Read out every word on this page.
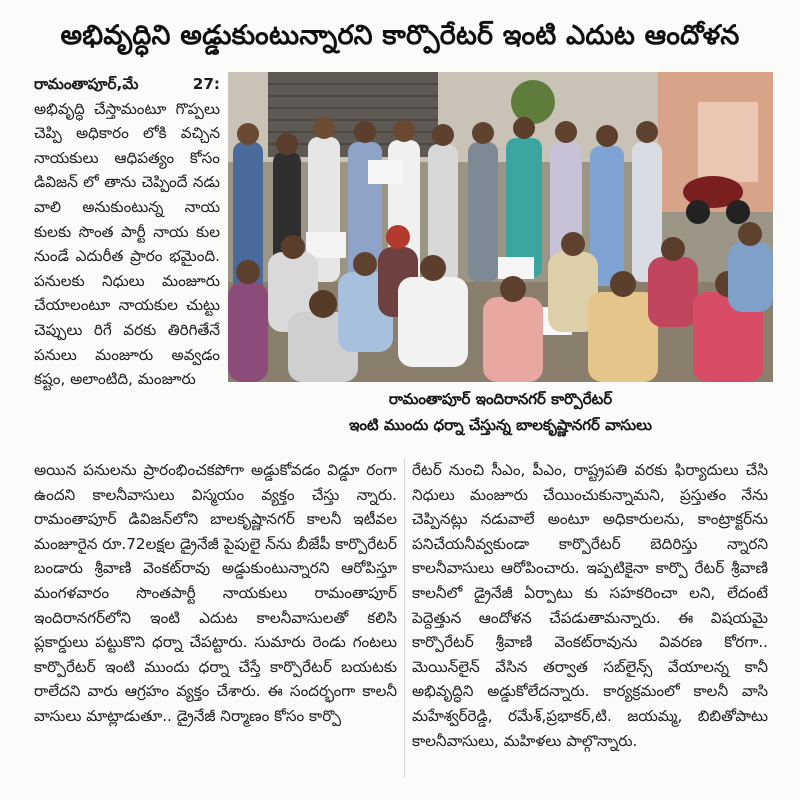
అభివృద్ధిని అడ్డుకుంటున్నారని కార్పొరేటర్ ఇంటి ఎదుట ఆందోళన
రామంతాపూర్,మే 27: అభివృద్ధి చేస్తామంటూ గొప్పలు చెప్పి అధికారం లోకి వచ్చిన నాయకులు ఆధిపత్యం కోసం డివిజన్ లో తాను చెప్పిందే నడు వాలి అనుకుంటున్న నాయ కులకు సొంత పార్టీ నాయ కుల నుండే ఎదురీత ప్రారం భమైంది. పనులకు నిధులు మంజూరు చేయాలంటూ నాయకుల చుట్టు చెప్పులు రిగే వరకు తిరిగితేనే పనులు మంజూరు అవ్వడం కష్టం, అలాంటిది, మంజూరు
రామంతాపూర్ ఇందిరానగర్ కార్పొరేటర్
ఇంటి ముందు ధర్నా చేస్తున్న బాలకృష్ణానగర్ వాసులు
అయిన పనులను ప్రారంభించకపోగా అడ్డుకోవడం విడ్డూ రంగా ఉందని కాలనీవాసులు విస్మయం వ్యక్తం చేస్తు న్నారు. రామంతాపూర్ డివిజన్‌లోని బాలకృష్ణానగర్ కాలనీ ఇటీవల మంజూరైన రూ.72లక్షల డ్రైనేజీ పైపులై న్‌ను బీజేపీ కార్పొరేటర్ బండారు శ్రీవాణి వెంకట్‌రావు అడ్డుకుంటున్నారని ఆరోపిస్తూ మంగళవారం సొంతపార్టీ నాయకులు రామంతాపూర్ ఇందిరానగర్‌లోని ఇంటి ఎదుట కాలనీవాసులతో కలిసి ప్లకార్డులు పట్టుకొని ధర్నా చేపట్టారు. సుమారు రెండు గంటలు కార్పొరేటర్ ఇంటి ముందు ధర్నా చేస్తే కార్పొరేటర్ బయటకు రాలేదని వారు ఆగ్రహం వ్యక్తం చేశారు. ఈ సందర్భంగా కాలనీ వాసులు మాట్లాడుతూ.. డ్రైనేజీ నిర్మాణం కోసం కార్పొ
రేటర్ నుంచి సీఎం, పీఎం, రాష్ట్రపతి వరకు ఫిర్యాదులు చేసి నిధులు మంజూరు చేయించుకున్నామని, ప్రస్తుతం నేను చెప్పినట్లు నడువాలే అంటూ అధికారులను, కాంట్రాక్టర్‌ను పనిచేయనీవ్వకుండా కార్పొరేటర్ బెదిరిస్తు న్నారని కాలనీవాసులు ఆరోపించారు. ఇప్పటికైనా కార్పొ రేటర్ శ్రీవాణి కాలనీలో డ్రైనేజీ ఏర్పాటు కు సహకరించా లని, లేదంటే పెద్దెత్తున ఆందోళన చేపడుతామన్నారు. ఈ విషయమై కార్పొరేటర్ శ్రీవాణి వెంకట్‌రావును వివరణ కోరగా.. మెయిన్‌లైన్ వేసిన తర్వాత సబ్‌లైన్స్ వేయాలన్న కానీ అభివృద్ధిని అడ్డుకోలేదన్నారు. కార్యక్రమంలో కాలనీ వాసి మహేశ్వర్‌రెడ్డి, రమేశ్,ప్రభాకర్,టి. జయమ్మ, బిబితోపాటు కాలనీవాసులు, మహిళలు పాల్గొన్నారు.
